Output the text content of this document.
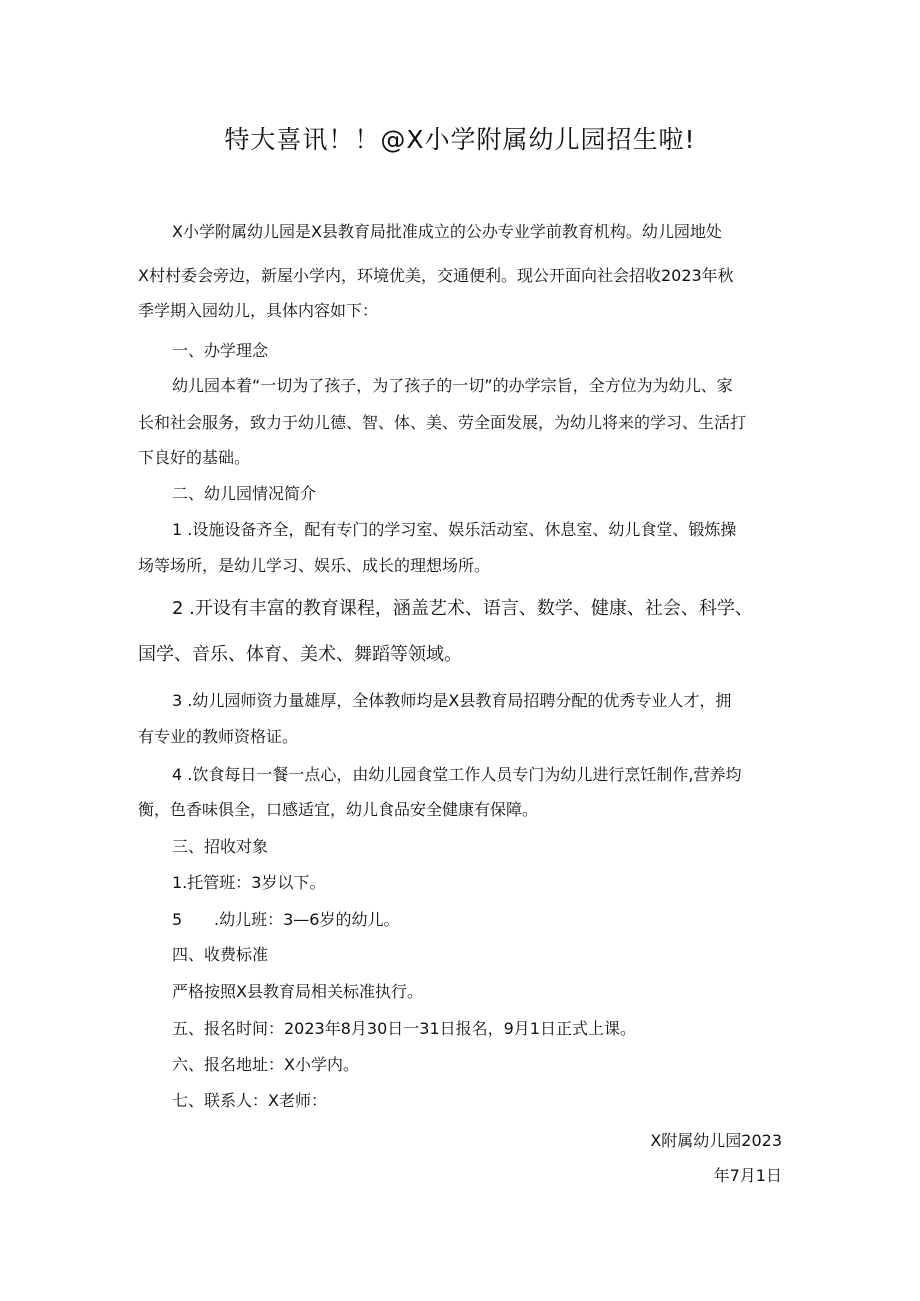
特大喜讯！！@X小学附属幼儿园招生啦!
X小学附属幼儿园是X县教育局批准成立的公办专业学前教育机构。幼儿园地处
X村村委会旁边，新屋小学内，环境优美，交通便利。现公开面向社会招收2023年秋
季学期入园幼儿，具体内容如下：
一、办学理念
幼儿园本着“一切为了孩子，为了孩子的一切”的办学宗旨，全方位为为幼儿、家
长和社会服务，致力于幼儿德、智、体、美、劳全面发展，为幼儿将来的学习、生活打
下良好的基础。
二、幼儿园情况简介
1 .设施设备齐全，配有专门的学习室、娱乐活动室、休息室、幼儿食堂、锻炼操
场等场所，是幼儿学习、娱乐、成长的理想场所。
2 .开设有丰富的教育课程，涵盖艺术、语言、数学、健康、社会、科学、
国学、音乐、体育、美术、舞蹈等领域。
3 .幼儿园师资力量雄厚，全体教师均是X县教育局招聘分配的优秀专业人才，拥
有专业的教师资格证。
4 .饮食每日一餐一点心，由幼儿园食堂工作人员专门为幼儿进行烹饪制作,营养均
衡，色香味俱全，口感适宜，幼儿食品安全健康有保障。
三、招收对象
1.托管班：3岁以下。
5 .幼儿班：3—6岁的幼儿。
四、收费标准
严格按照X县教育局相关标准执行。
五、报名时间：2023年8月30日一31日报名，9月1日正式上课。
六、报名地址：X小学内。
七、联系人：X老师：
X附属幼儿园2023
年7月1日
